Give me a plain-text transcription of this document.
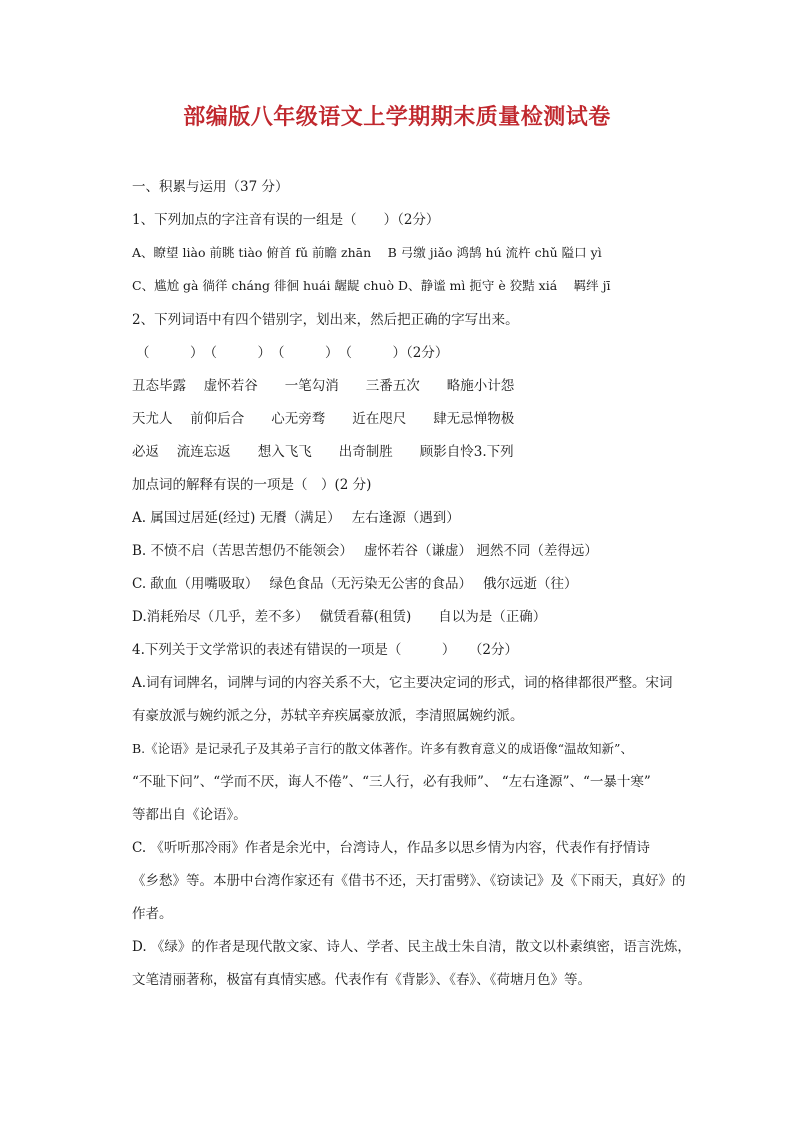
部编版八年级语文上学期期末质量检测试卷
一、积累与运用（37 分）
1、下列加点的字注音有误的一组是（　　）（2分）
A、瞭望 liào 前眺 tiào 俯首 fǔ 前瞻 zhān　 B 弓缴 jiǎo 鸿鹄 hú 流杵 chǔ 隘口 yì
C、尴尬 gà 徜徉 cháng 徘徊 huái 龌龊 chuò D、静谧 mì 扼守 è 狡黠 xiá　 羁绊 jī
2、下列词语中有四个错别字，划出来，然后把正确的字写出来。
（　　　）　（　　　）　（　　　）　（　　　）（2分）
丑态毕露　 虚怀若谷　　一笔勾消　　三番五次　　略施小计怨
天尤人　 前仰后合　　心无旁骛　　近在咫尺　　肆无忌惮物极
必返　 流连忘返　　想入飞飞　　出奇制胜　　顾影自怜3.下列
加点词的解释有误的一项是（　）(2 分)
A. 属国过居延(经过) 无餍（满足）　 左右逢源（遇到）
B. 不愤不启（苦思苦想仍不能领会）　 虚怀若谷（谦虚） 迥然不同（差得远）
C. 歃血（用嘴吸取）　 绿色食品（无污染无公害的食品）　 俄尔远逝（往）
D.消耗殆尽（几乎，差不多）　 僦赁看幕(租赁)　　自以为是（正确）
4.下列关于文学常识的表述有错误的一项是（　　　）　　（2分）
A.词有词牌名，词牌与词的内容关系不大，它主要决定词的形式，词的格律都很严整。宋词
有豪放派与婉约派之分，苏轼辛弃疾属豪放派，李清照属婉约派。
B.《论语》是记录孔子及其弟子言行的散文体著作。许多有教育意义的成语像“温故知新”、
“不耻下问”、“学而不厌，诲人不倦”、“三人行，必有我师”、 “左右逢源”、“一暴十寒”
等都出自《论语》。
C. 《听听那冷雨》作者是余光中，台湾诗人，作品多以思乡情为内容，代表作有抒情诗
《乡愁》等。本册中台湾作家还有《借书不还，天打雷劈》、《窃读记》及《下雨天，真好》的
作者。
D. 《绿》的作者是现代散文家、诗人、学者、民主战士朱自清，散文以朴素缜密，语言洗炼，
文笔清丽著称，极富有真情实感。代表作有《背影》、《春》、《荷塘月色》等。
